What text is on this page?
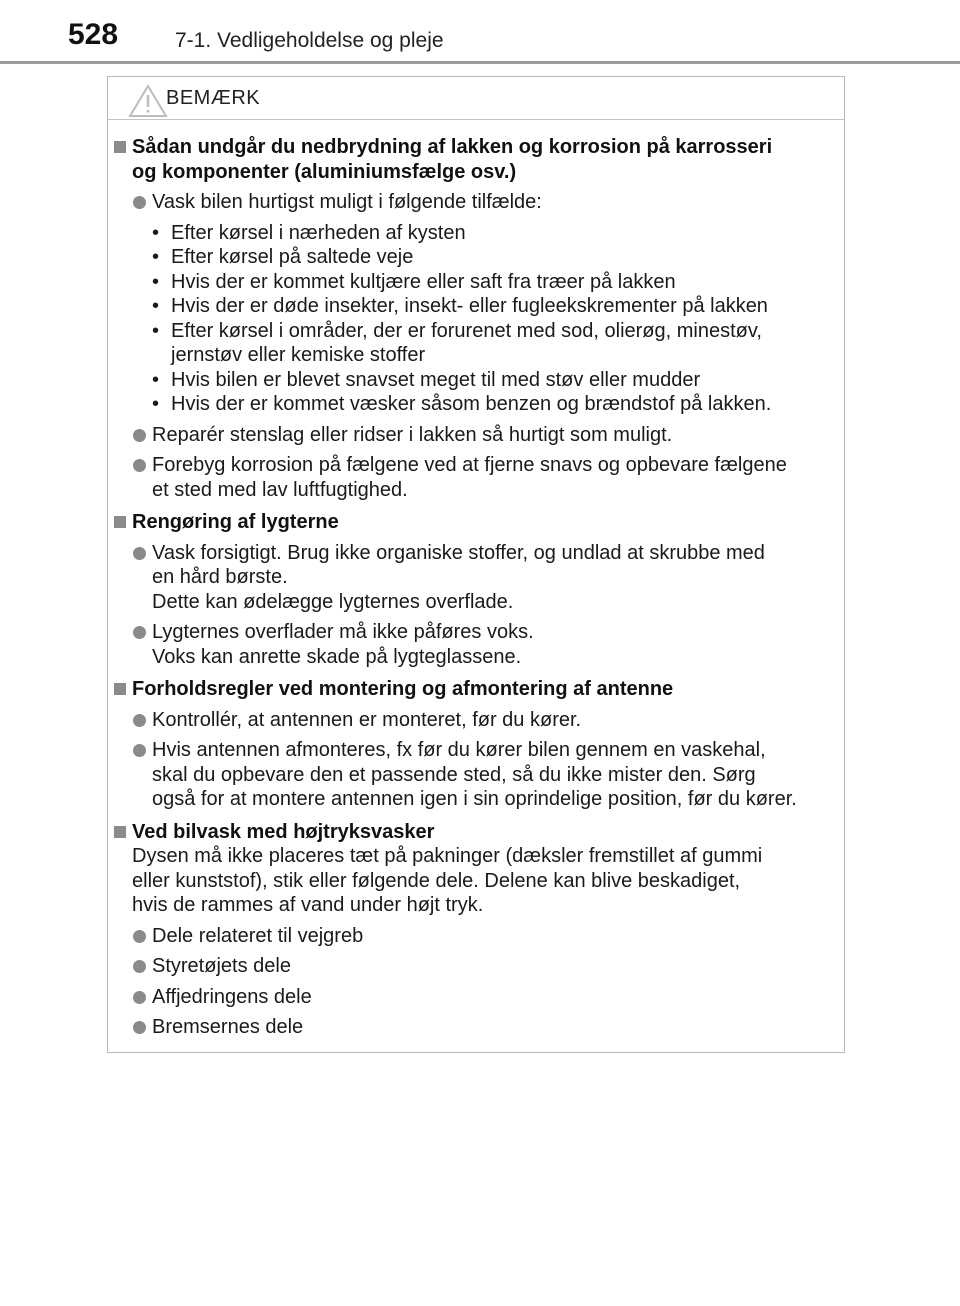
528	7-1. Vedligeholdelse og pleje
BEMÆRK
Sådan undgår du nedbrydning af lakken og korrosion på karrosseri
og komponenter (aluminiumsfælge osv.)
Vask bilen hurtigst muligt i følgende tilfælde:
• Efter kørsel i nærheden af kysten
• Efter kørsel på saltede veje
• Hvis der er kommet kultjære eller saft fra træer på lakken
• Hvis der er døde insekter, insekt- eller fugleekskrementer på lakken
• Efter kørsel i områder, der er forurenet med sod, olierøg, minestøv,
jernstøv eller kemiske stoffer
• Hvis bilen er blevet snavset meget til med støv eller mudder
• Hvis der er kommet væsker såsom benzen og brændstof på lakken.
Reparér stenslag eller ridser i lakken så hurtigt som muligt.
Forebyg korrosion på fælgene ved at fjerne snavs og opbevare fælgene
et sted med lav luftfugtighed.
Rengøring af lygterne
Vask forsigtigt. Brug ikke organiske stoffer, og undlad at skrubbe med
en hård børste.
Dette kan ødelægge lygternes overflade.
Lygternes overflader må ikke påføres voks.
Voks kan anrette skade på lygteglassene.
Forholdsregler ved montering og afmontering af antenne
Kontrollér, at antennen er monteret, før du kører.
Hvis antennen afmonteres, fx før du kører bilen gennem en vaskehal,
skal du opbevare den et passende sted, så du ikke mister den. Sørg
også for at montere antennen igen i sin oprindelige position, før du kører.
Ved bilvask med højtryksvasker
Dysen må ikke placeres tæt på pakninger (dæksler fremstillet af gummi
eller kunststof), stik eller følgende dele. Delene kan blive beskadiget,
hvis de rammes af vand under højt tryk.
Dele relateret til vejgreb
Styretøjets dele
Affjedringens dele
Bremsernes dele
